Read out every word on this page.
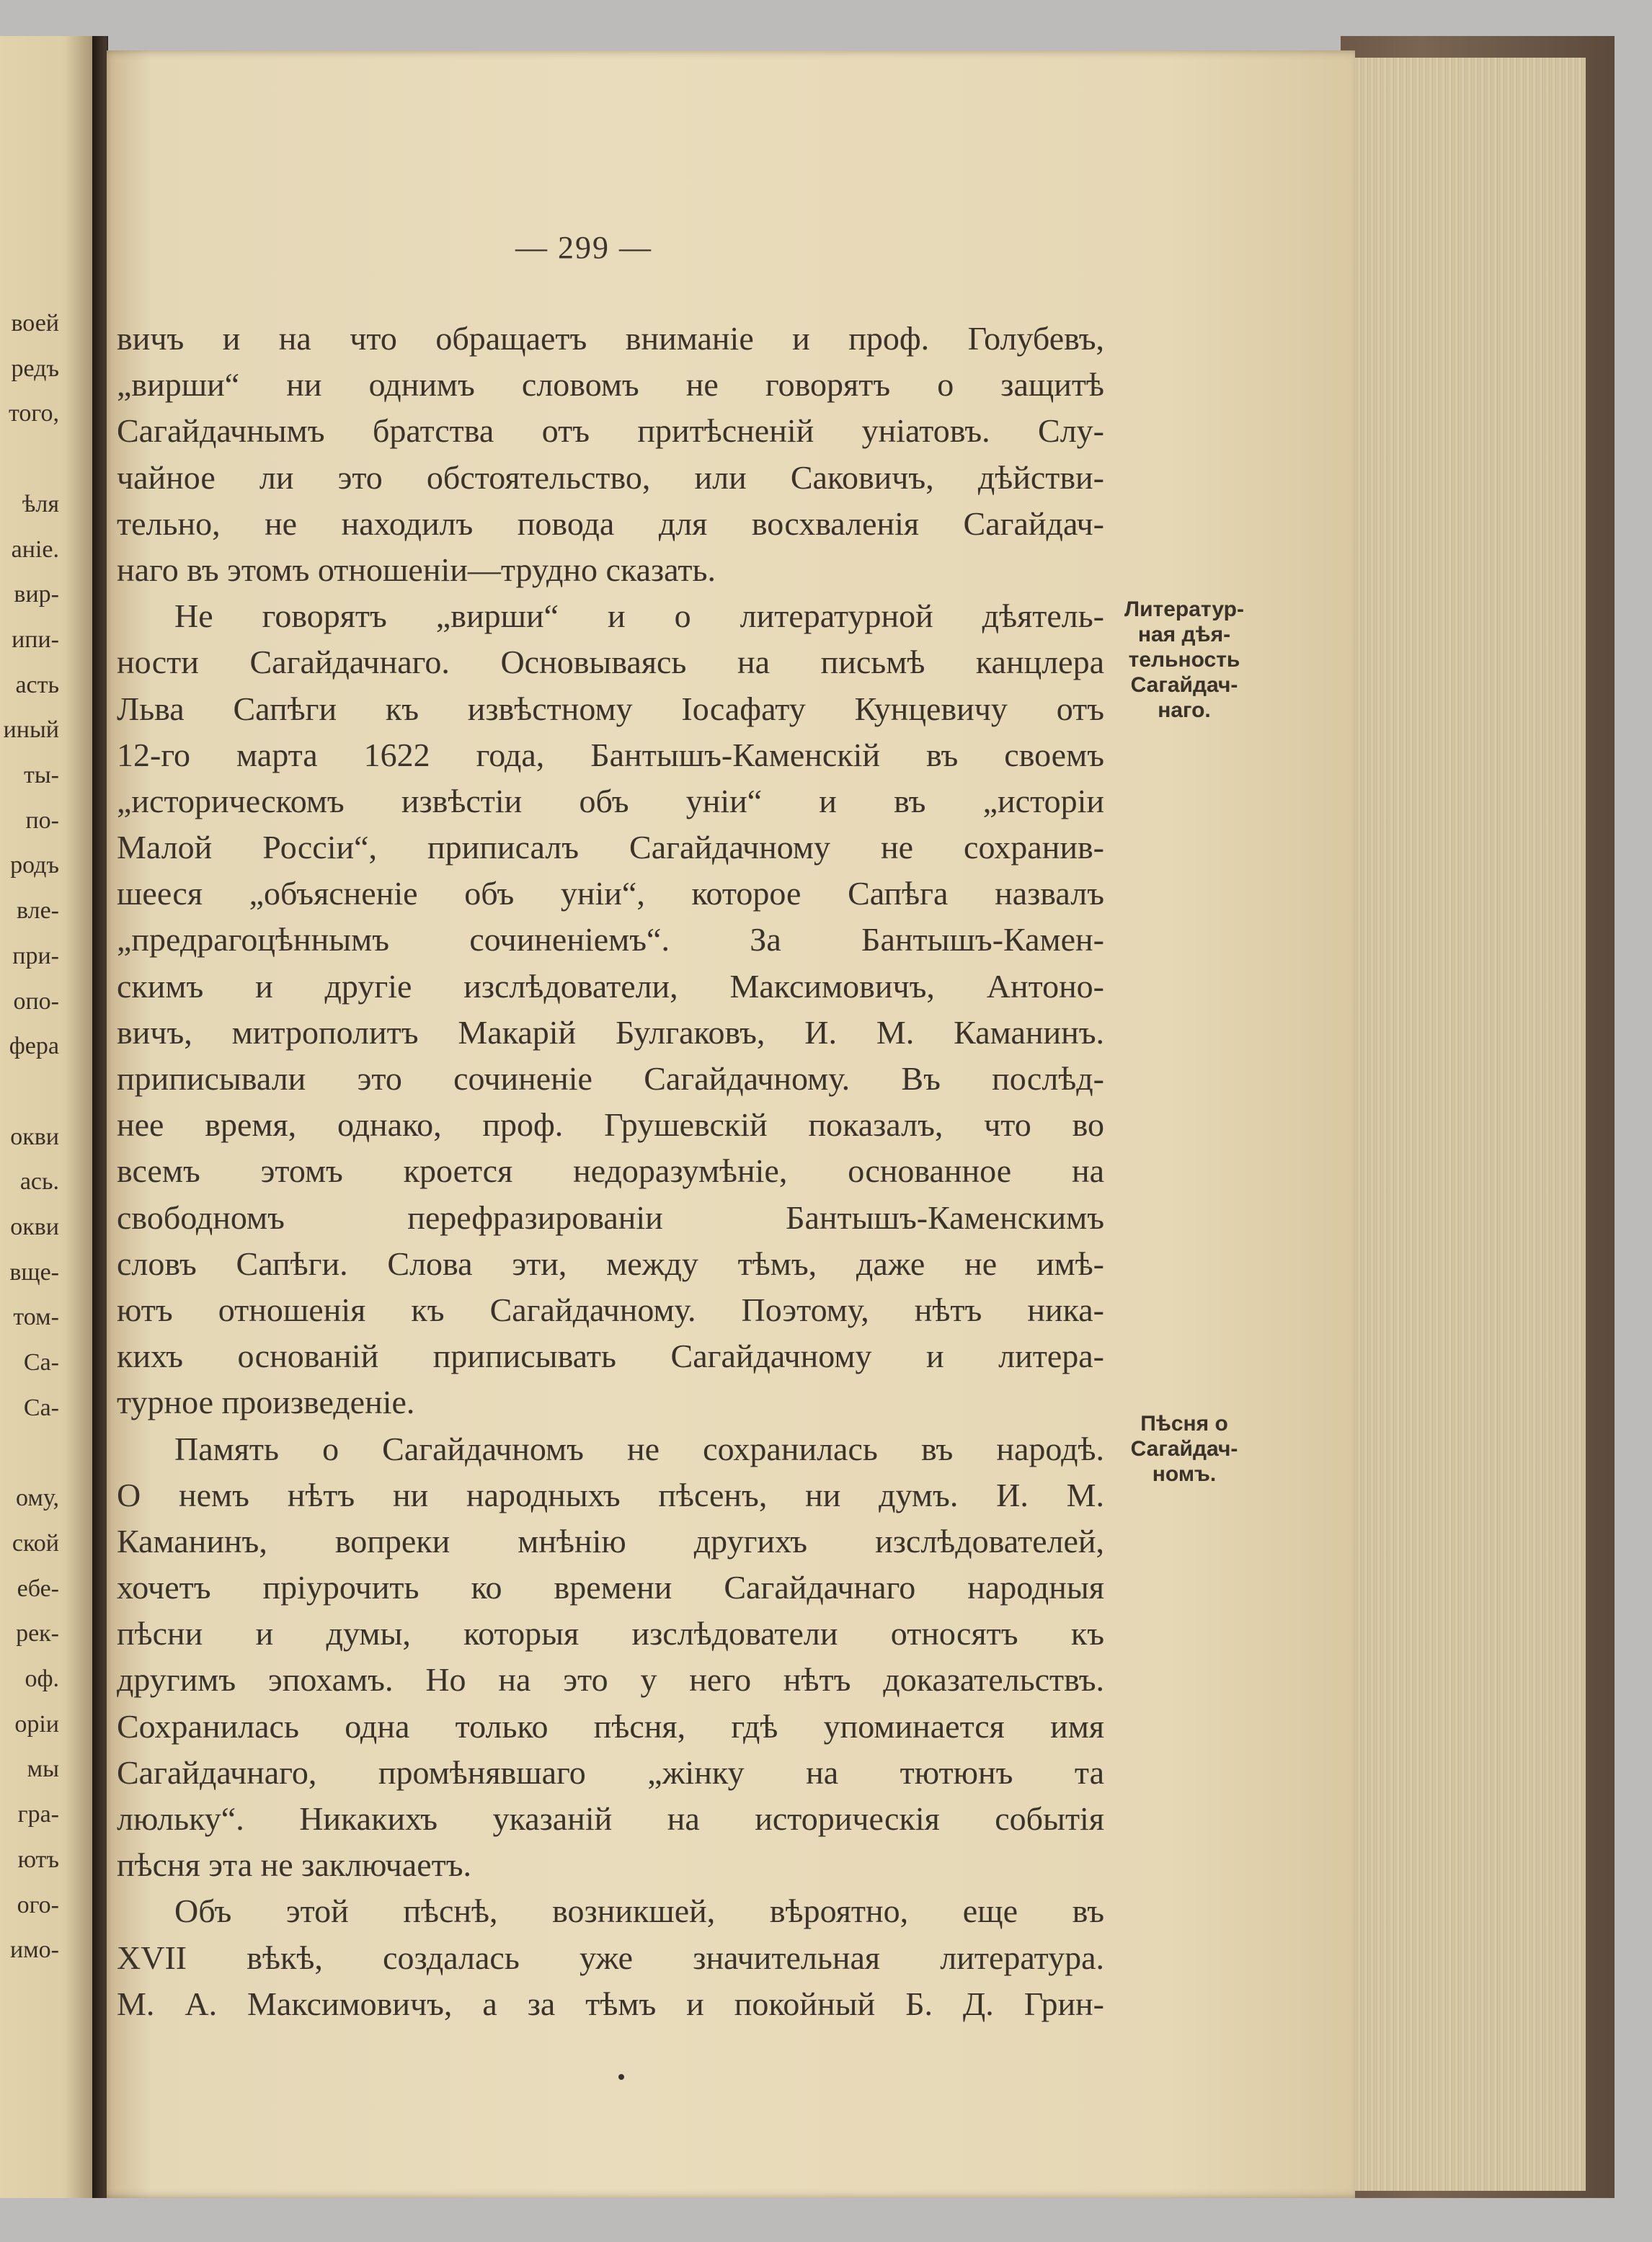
воей
редъ
того,
ѣля
аніе.
вир-
ипи-
асть
иный
ты-
по-
родъ
вле-
при-
опо-
фера
окви
ась.
окви
вще-
том-
Са-
Са-
ому,
ской
ебе-
рек-
оф.
оріи
мы
гра-
ютъ
ого-
имо-
— 299 —
вичъ и на что обращаетъ вниманіе и проф. Голубевъ,
„вирши“ ни однимъ словомъ не говорятъ о защитѣ
Сагайдачнымъ братства отъ притѣсненій уніатовъ. Слу-
чайное ли это обстоятельство, или Саковичъ, дѣйстви-
тельно, не находилъ повода для восхваленія Сагайдач-
наго въ этомъ отношеніи—трудно сказать.
Не говорятъ „вирши“ и о литературной дѣятель-
ности Сагайдачнаго. Основываясь на письмѣ канцлера
Льва Сапѣги къ извѣстному Іосафату Кунцевичу отъ
12-го марта 1622 года, Бантышъ-Каменскій въ своемъ
„историческомъ извѣстіи объ уніи“ и въ „исторіи
Малой Россіи“, приписалъ Сагайдачному не сохранив-
шееся „объясненіе объ уніи“, которое Сапѣга назвалъ
„предрагоцѣннымъ сочиненіемъ“. За Бантышъ-Камен-
скимъ и другіе изслѣдователи, Максимовичъ, Антоно-
вичъ, митрополитъ Макарій Булгаковъ, И. М. Каманинъ.
приписывали это сочиненіе Сагайдачному. Въ послѣд-
нее время, однако, проф. Грушевскій показалъ, что во
всемъ этомъ кроется недоразумѣніе, основанное на
свободномъ перефразированіи Бантышъ-Каменскимъ
словъ Сапѣги. Слова эти, между тѣмъ, даже не имѣ-
ютъ отношенія къ Сагайдачному. Поэтому, нѣтъ ника-
кихъ основаній приписывать Сагайдачному и литера-
турное произведеніе.
Память о Сагайдачномъ не сохранилась въ народѣ.
О немъ нѣтъ ни народныхъ пѣсенъ, ни думъ. И. М.
Каманинъ, вопреки мнѣнію другихъ изслѣдователей,
хочетъ пріурочить ко времени Сагайдачнаго народныя
пѣсни и думы, которыя изслѣдователи относятъ къ
другимъ эпохамъ. Но на это у него нѣтъ доказательствъ.
Сохранилась одна только пѣсня, гдѣ упоминается имя
Сагайдачнаго, промѣнявшаго „жінку на тютюнъ та
люльку“. Никакихъ указаній на историческія событія
пѣсня эта не заключаетъ.
Объ этой пѣснѣ, возникшей, вѣроятно, еще въ
XVII вѣкѣ, создалась уже значительная литература.
М. А. Максимовичъ, а за тѣмъ и покойный Б. Д. Грин-
Литератур-
ная дѣя-
тельность
Сагайдач-
наго.
Пѣсня о
Сагайдач-
номъ.
